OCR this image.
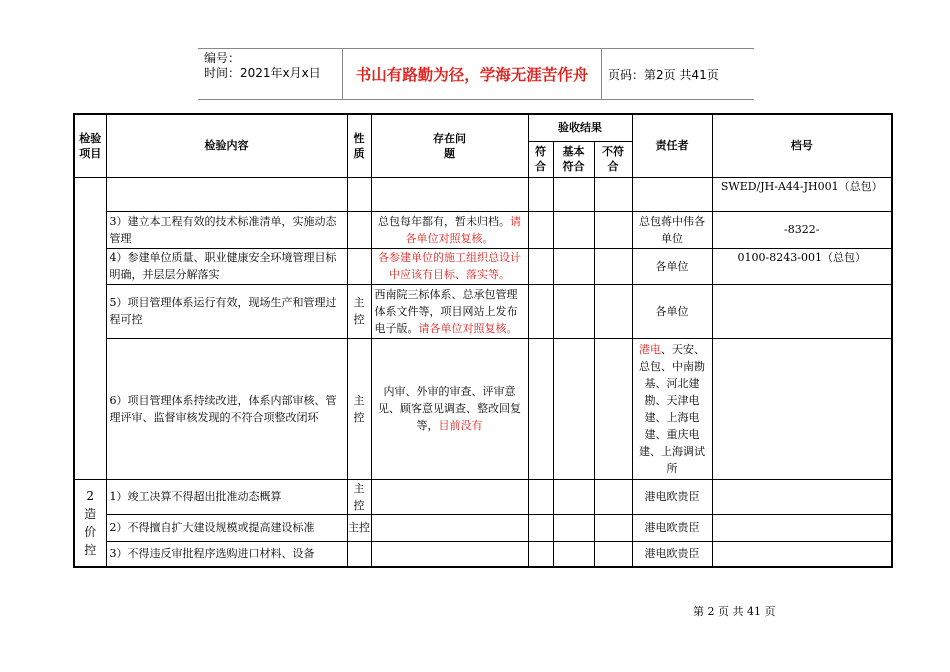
编号：
时间：2021年x月x日	书山有路勤为径，学海无涯苦作舟	页码：第2页 共41页
检验项目	检验内容	性质	存在问题	验收结果			责任者	档号
				符合	基本符合	不符合		
								SWED/JH-A44-JH001（总包）
	3）建立本工程有效的技术标准清单，实施动态管理		总包每年都有，暂未归档。请各单位对照复核。				总包蒋中伟各单位	-8322-
	4）参建单位质量、职业健康安全环境管理目标明确，并层层分解落实		各参建单位的施工组织总设计中应该有目标、落实等。				各单位	0100-8243-001（总包）
	5）项目管理体系运行有效，现场生产和管理过程可控	主控	西南院三标体系、总承包管理体系文件等，项目网站上发布电子版。请各单位对照复核。				各单位	
	6）项目管理体系持续改进，体系内部审核、管理评审、监督审核发现的不符合项整改闭环	主控	内审、外审的审查、评审意见、顾客意见调查、整改回复等，目前没有				港电、天安、总包、中南勘基、河北建勘、天津电建、上海电建、重庆电建、上海调试所	
2造价控	1）竣工决算不得超出批准动态概算	主控					港电欧贵臣	
	2）不得擅自扩大建设规模或提高建设标准	主控					港电欧贵臣	
	3）不得违反审批程序选购进口材料、设备						港电欧贵臣	
第 2 页 共 41 页
